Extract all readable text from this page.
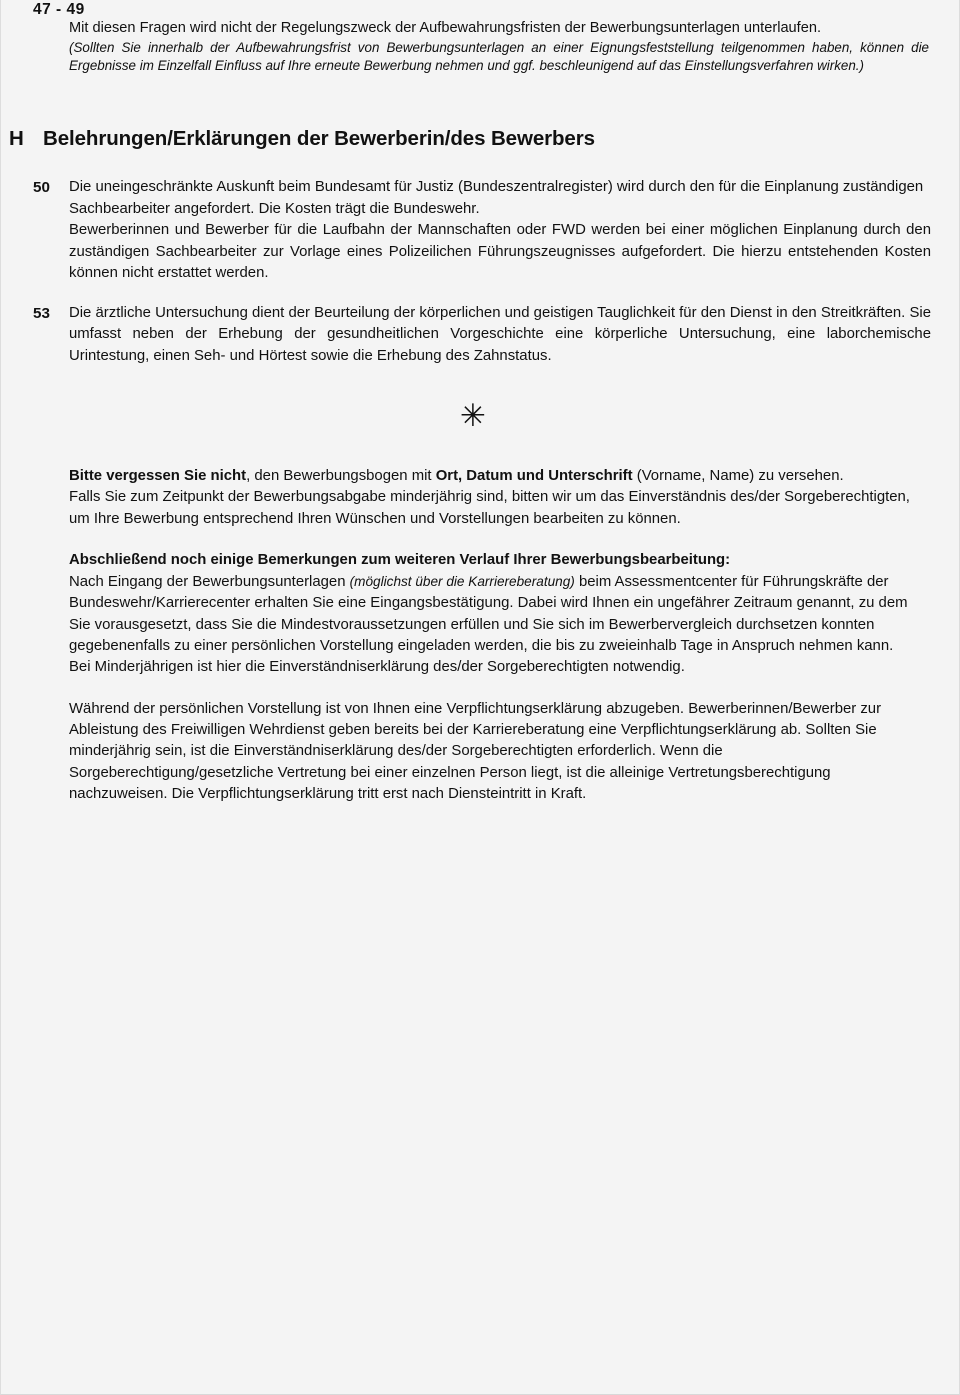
47 - 49
Mit diesen Fragen wird nicht der Regelungszweck der Aufbewahrungsfristen der Bewerbungsunterlagen unterlaufen.
(Sollten Sie innerhalb der Aufbewahrungsfrist von Bewerbungsunterlagen an einer Eignungsfeststellung teilgenommen haben, können die Ergebnisse im Einzelfall Einfluss auf Ihre erneute Bewerbung nehmen und ggf. beschleunigend auf das Einstellungsverfahren wirken.)
H Belehrungen/Erklärungen der Bewerberin/des Bewerbers
50	Die uneingeschränkte Auskunft beim Bundesamt für Justiz (Bundeszentralregister) wird durch den für die Einplanung zuständigen Sachbearbeiter angefordert. Die Kosten trägt die Bundeswehr.
Bewerberinnen und Bewerber für die Laufbahn der Mannschaften oder FWD werden bei einer möglichen Einplanung durch den zuständigen Sachbearbeiter zur Vorlage eines Polizeilichen Führungszeugnisses aufgefordert. Die hierzu entstehenden Kosten können nicht erstattet werden.
53	Die ärztliche Untersuchung dient der Beurteilung der körperlichen und geistigen Tauglichkeit für den Dienst in den Streitkräften. Sie umfasst neben der Erhebung der gesundheitlichen Vorgeschichte eine körperliche Untersuchung, eine laborchemische Urintestung, einen Seh- und Hörtest sowie die Erhebung des Zahnstatus.
✳
Bitte vergessen Sie nicht, den Bewerbungsbogen mit Ort, Datum und Unterschrift (Vorname, Name) zu versehen.
Falls Sie zum Zeitpunkt der Bewerbungsabgabe minderjährig sind, bitten wir um das Einverständnis des/der Sorgeberechtigten, um Ihre Bewerbung entsprechend Ihren Wünschen und Vorstellungen bearbeiten zu können.
Abschließend noch einige Bemerkungen zum weiteren Verlauf Ihrer Bewerbungsbearbeitung:
Nach Eingang der Bewerbungsunterlagen (möglichst über die Karriereberatung) beim Assessmentcenter für Führungskräfte der Bundeswehr/Karrierecenter erhalten Sie eine Eingangsbestätigung. Dabei wird Ihnen ein ungefährer Zeitraum genannt, zu dem Sie vorausgesetzt, dass Sie die Mindestvoraussetzungen erfüllen und Sie sich im Bewerbervergleich durchsetzen konnten gegebenenfalls zu einer persönlichen Vorstellung eingeladen werden, die bis zu zweieinhalb Tage in Anspruch nehmen kann. Bei Minderjährigen ist hier die Einverständniserklärung des/der Sorgeberechtigten notwendig.
Während der persönlichen Vorstellung ist von Ihnen eine Verpflichtungserklärung abzugeben. Bewerberinnen/Bewerber zur Ableistung des Freiwilligen Wehrdienst geben bereits bei der Karriereberatung eine Verpflichtungserklärung ab. Sollten Sie minderjährig sein, ist die Einverständniserklärung des/der Sorgeberechtigten erforderlich. Wenn die Sorgeberechtigung/gesetzliche Vertretung bei einer einzelnen Person liegt, ist die alleinige Vertretungsberechtigung nachzuweisen. Die Verpflichtungserklärung tritt erst nach Diensteintritt in Kraft.
